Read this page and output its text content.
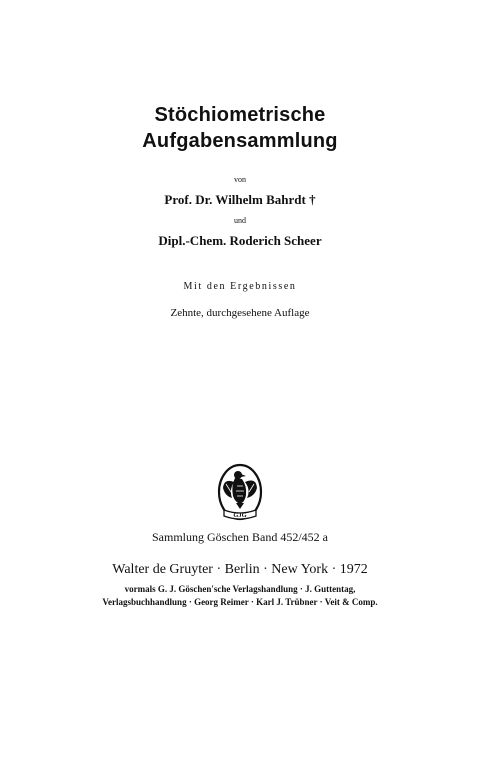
Stöchiometrische
Aufgabensammlung
von
Prof. Dr. Wilhelm Bahrdt †
und
Dipl.-Chem. Roderich Scheer
Mit den Ergebnissen
Zehnte, durchgesehene Auflage
GJG
Sammlung Göschen Band 452/452 a
Walter de Gruyter · Berlin · New York · 1972
vormals G. J. Göschen'sche Verlagshandlung · J. Guttentag,
Verlagsbuchhandlung · Georg Reimer · Karl J. Trübner · Veit & Comp.
